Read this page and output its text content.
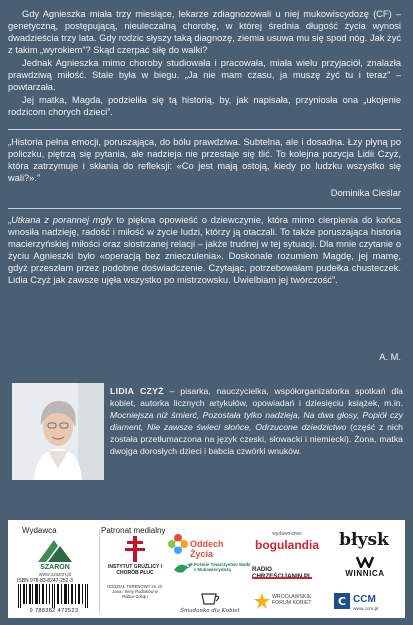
Gdy Agnieszka miała trzy miesiące, lekarze zdiagnozowali u niej mukowiscydozę (CF) – genetyczną, postępującą, nieuleczalną chorobę, w której średnia długość życia wynosi dwadzieścia trzy lata. Gdy rodzic słyszy taką diagnozę, ziemia usuwa mu się spod nóg. Jak żyć z takim „wyrokiem”? Skąd czerpać siłę do walki?

Jednak Agnieszka mimo choroby studiowała i pracowała, miała wielu przyjaciół, znalazła prawdziwą miłość. Stale była w biegu. „Ja nie mam czasu, ja muszę żyć tu i teraz” – powtarzała.

Jej matka, Magda, podzieliła się tą historią, by, jak napisała, przyniosła ona „ukojenie rodzicom chorych dzieci”.

„Historia pełna emocji, poruszająca, do bólu prawdziwa. Subtelna, ale i dosadna. Łzy płyną po policzku, piętrzą się pytania, ale nadzieja nie przestaje się tlić. To kolejna pozycja Lidii Czyż, która zatrzymuje i skłania do refleksji: «Co jest mają ostoją, kiedy po ludzku wszystko się wali?».”

Dominika Cieślar

„Utkana z porannej mgły to piękna opowieść o dziewczynie, która mimo cierpienia do końca wnosiła nadzieję, radość i miłość w życie ludzi, którzy ją otaczali. To także poruszająca historia macierzyńskiej miłości oraz siostrzanej relacji – jakże trudnej w tej sytuacji. Dla mnie czytanie o życiu Agnieszki było «operacją bez znieczulenia». Doskonale rozumiem Magdę, jej mamę, gdyż przeszłam przez podobne doświadczenie. Czytając, potrzebowałam pudełka chusteczek. Lidia Czyż jak zawsze ujęła wszystko po mistrzowsku. Uwielbiam jej twórczość”.

A. M.

LIDIA CZYŻ – pisarka, nauczycielka, współorganizatorka spotkań dla kobiet, autorka licznych artykułów, opowiadań i dziesięciu książek, m.in. Mocniejsza niż śmierć, Pozostała tylko nadzieja, Na dwa głosy, Popiół czy diament, Nie zawsze świeci słońce, Odrzucone dziedzictwo (część z nich została przetłumaczona na język czeski, słowacki i niemiecki). Żona, matka dwojga dorosłych dzieci i babcia czwórki wnuków.

Wydawca	Patronat medialny
SZARON
www.szaron.pl
ISBN 978-83-8247-252-3
9 788382 472523
INSTYTUT GRUŹLICY I CHORÓB PŁUC
ODDZIAŁ TERENOWY im. dr. Jana i Ireny Rudników w Rabce-Zdroju
Oddech Życia
wydawnictwo
bogulandia	błysk
Polskie Towarzystwo Walki z Mukowiscydozą	RADIO	WINNICA
Śniadanko dla Kobiet
WROCŁAWSKIE FORUM KOBIET	C CCM
www.ccm.pl
